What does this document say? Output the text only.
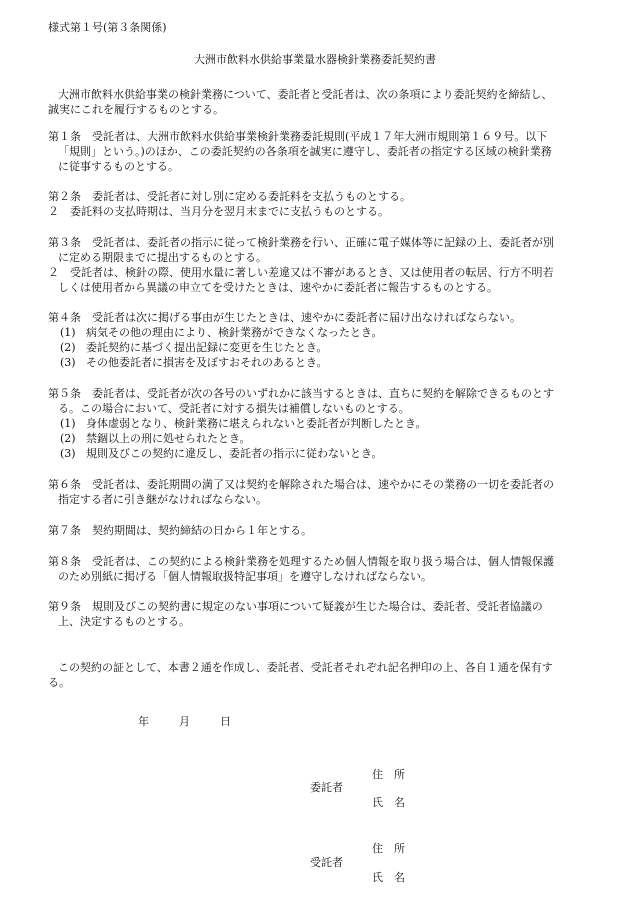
様式第１号(第３条関係)

大洲市飲料水供給事業量水器検針業務委託契約書

大洲市飲料水供給事業の検針業務について、委託者と受託者は、次の条項により委託契約を締結し、

誠実にこれを履行するものとする。

第１条　受託者は、大洲市飲料水供給事業検針業務委託規則(平成１７年大洲市規則第１６９号。以下

「規則」という。)のほか、この委託契約の各条項を誠実に遵守し、委託者の指定する区域の検針業務

に従事するものとする。

第２条　委託者は、受託者に対し別に定める委託料を支払うものとする。

２　委託料の支払時期は、当月分を翌月末までに支払うものとする。

第３条　受託者は、委託者の指示に従って検針業務を行い、正確に電子媒体等に記録の上、委託者が別

に定める期限までに提出するものとする。

２　受託者は、検針の際、使用水量に著しい差違又は不審があるとき、又は使用者の転居、行方不明若

しくは使用者から異議の申立てを受けたときは、速やかに委託者に報告するものとする。

第４条　受託者は次に掲げる事由が生じたときは、速やかに委託者に届け出なければならない。

(1) 病気その他の理由により、検針業務ができなくなったとき。

(2) 委託契約に基づく提出記録に変更を生じたとき。

(3) その他委託者に損害を及ぼすおそれのあるとき。

第５条　委託者は、受託者が次の各号のいずれかに該当するときは、直ちに契約を解除できるものとす

る。この場合において、受託者に対する損失は補償しないものとする。

(1) 身体虚弱となり、検針業務に堪えられないと委託者が判断したとき。

(2) 禁錮以上の刑に処せられたとき。

(3) 規則及びこの契約に違反し、委託者の指示に従わないとき。

第６条　受託者は、委託期間の満了又は契約を解除された場合は、速やかにその業務の一切を委託者の

指定する者に引き継がなければならない。

第７条　契約期間は、契約締結の日から１年とする。

第８条　受託者は、この契約による検針業務を処理するため個人情報を取り扱う場合は、個人情報保護

のため別紙に掲げる「個人情報取扱特記事項」を遵守しなければならない。

第９条　規則及びこの契約書に規定のない事項について疑義が生じた場合は、委託者、受託者協議の

上、決定するものとする。

この契約の証として、本書２通を作成し、委託者、受託者それぞれ記名押印の上、各自１通を保有す

る。

年	月	日

住　所

委託者

氏　名

住　所

受託者

氏　名
